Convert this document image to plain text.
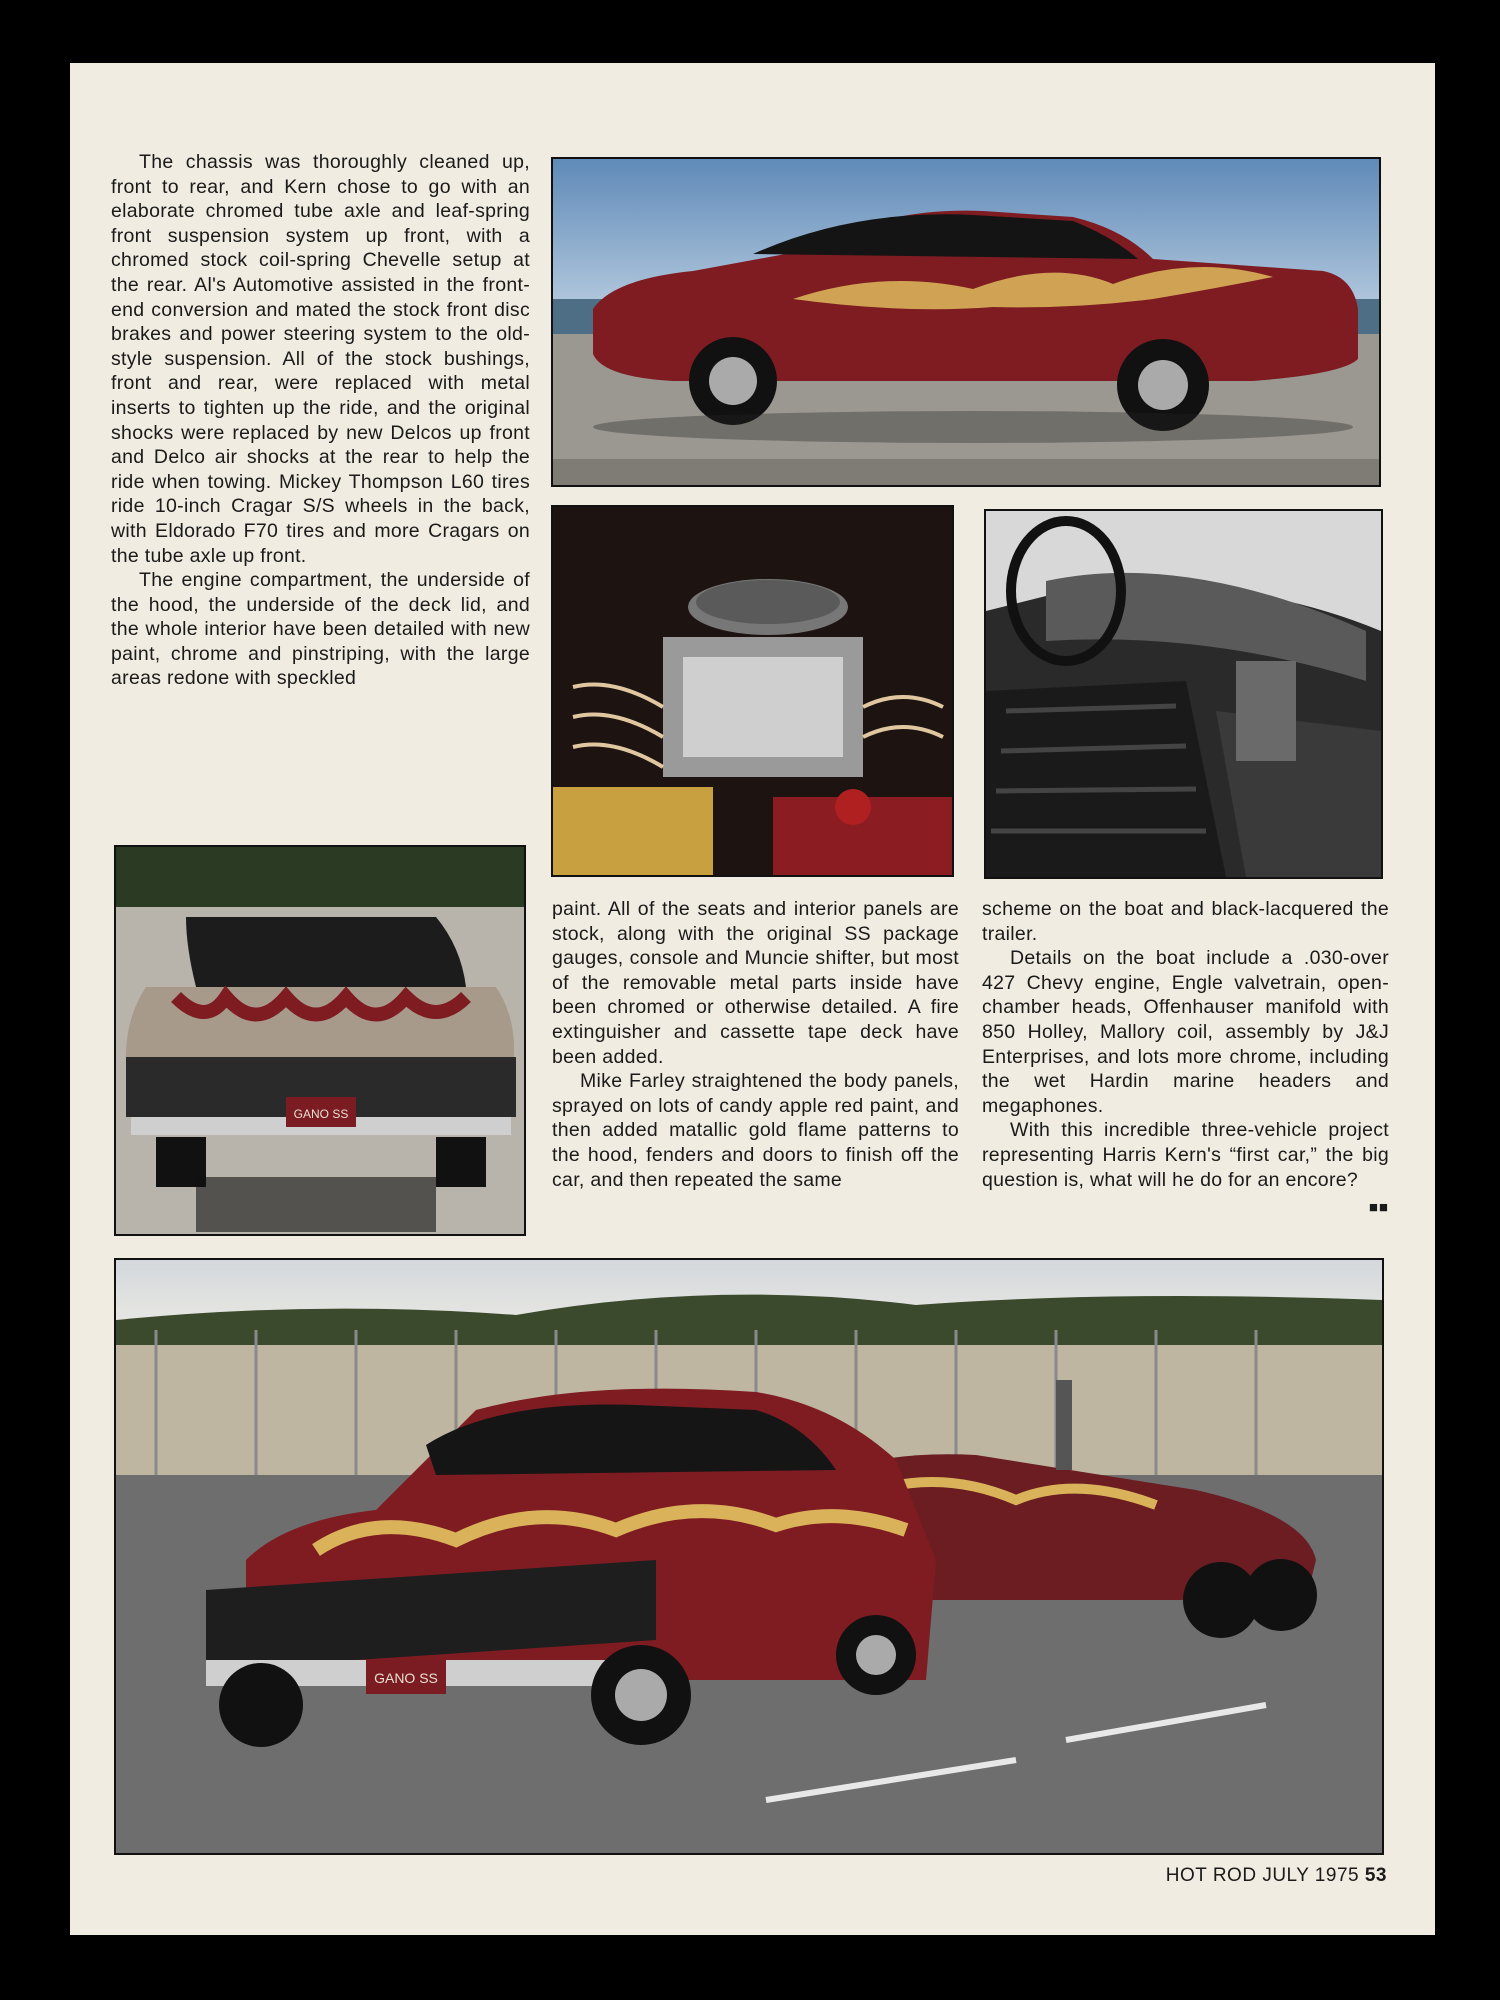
The chassis was thoroughly cleaned up, front to rear, and Kern chose to go with an elaborate chromed tube axle and leaf-spring front suspension system up front, with a chromed stock coil-spring Chevelle setup at the rear. Al's Automotive assisted in the front-end conversion and mated the stock front disc brakes and power steering system to the old-style suspension. All of the stock bushings, front and rear, were replaced with metal inserts to tighten up the ride, and the original shocks were replaced by new Delcos up front and Delco air shocks at the rear to help the ride when towing. Mickey Thompson L60 tires ride 10-inch Cragar S/S wheels in the back, with Eldorado F70 tires and more Cragars on the tube axle up front.

The engine compartment, the underside of the hood, the underside of the deck lid, and the whole interior have been detailed with new paint, chrome and pinstriping, with the large areas redone with speckled

GANO SS

paint. All of the seats and interior panels are stock, along with the original SS package gauges, console and Muncie shifter, but most of the removable metal parts inside have been chromed or otherwise detailed. A fire extinguisher and cassette tape deck have been added.

Mike Farley straightened the body panels, sprayed on lots of candy apple red paint, and then added matallic gold flame patterns to the hood, fenders and doors to finish off the car, and then repeated the same

scheme on the boat and black-lacquered the trailer.

Details on the boat include a .030-over 427 Chevy engine, Engle valvetrain, open-chamber heads, Offenhauser manifold with 850 Holley, Mallory coil, assembly by J&J Enterprises, and lots more chrome, including the wet Hardin marine headers and megaphones.

With this incredible three-vehicle project representing Harris Kern's “first car,” the big question is, what will he do for an encore?
■■

GANO SS
HOT ROD JULY 1975 53
